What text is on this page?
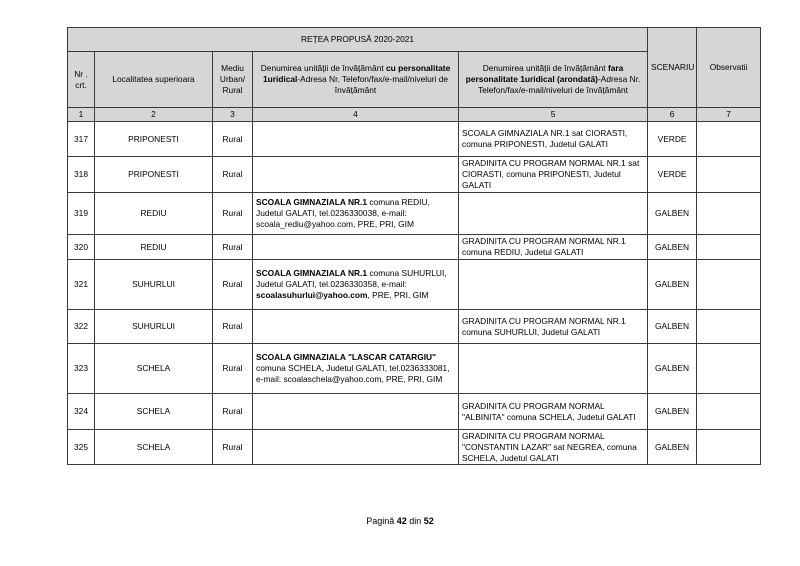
REȚEA PROPUSĂ 2020-2021					SCENARIU	Observatii
Nr . crt.	Localitatea superioara	Mediu Urban/ Rural	Denumirea unității de învățământ cu personalitate 1uridical-Adresa Nr. Telefon/fax/e-mail/niveluri de învățământ	Denumirea unității de învățământ fara personalitate 1uridical (arondată)-Adresa Nr. Telefon/fax/e-mail/niveluri de învățământ		
1	2	3	4	5	6	7
317	PRIPONESTI	Rural		SCOALA GIMNAZIALA NR.1 sat CIORASTI, comuna PRIPONESTI, Judetul GALATI	VERDE	
318	PRIPONESTI	Rural		GRADINITA CU PROGRAM NORMAL NR.1 sat CIORASTI, comuna PRIPONESTI, Judetul GALATI	VERDE	
319	REDIU	Rural	SCOALA GIMNAZIALA NR.1 comuna REDIU, Judetul GALATI, tel.0236330038, e-mail: scoala_rediu@yahoo.com, PRE, PRI, GIM		GALBEN	
320	REDIU	Rural		GRADINITA CU PROGRAM NORMAL NR.1 comuna REDIU, Judetul GALATI	GALBEN	
321	SUHURLUI	Rural	SCOALA GIMNAZIALA NR.1 comuna SUHURLUI, Judetul GALATI, tel.0236330358, e-mail: scoalasuhurlui@yahoo.com, PRE, PRI, GIM		GALBEN	
322	SUHURLUI	Rural		GRADINITA CU PROGRAM NORMAL NR.1 comuna SUHURLUI, Judetul GALATI	GALBEN	
323	SCHELA	Rural	SCOALA GIMNAZIALA "LASCAR CATARGIU" comuna SCHELA, Judetul GALATI, tel.0236333081, e-mail: scoalaschela@yahoo.com, PRE, PRI, GIM		GALBEN	
324	SCHELA	Rural		GRADINITA CU PROGRAM NORMAL "ALBINITA" comuna SCHELA, Judetul GALATI	GALBEN	
325	SCHELA	Rural		GRADINITA CU PROGRAM NORMAL "CONSTANTIN LAZAR" sat NEGREA, comuna SCHELA, Judetul GALATI	GALBEN	
Pagină 42 din 52
